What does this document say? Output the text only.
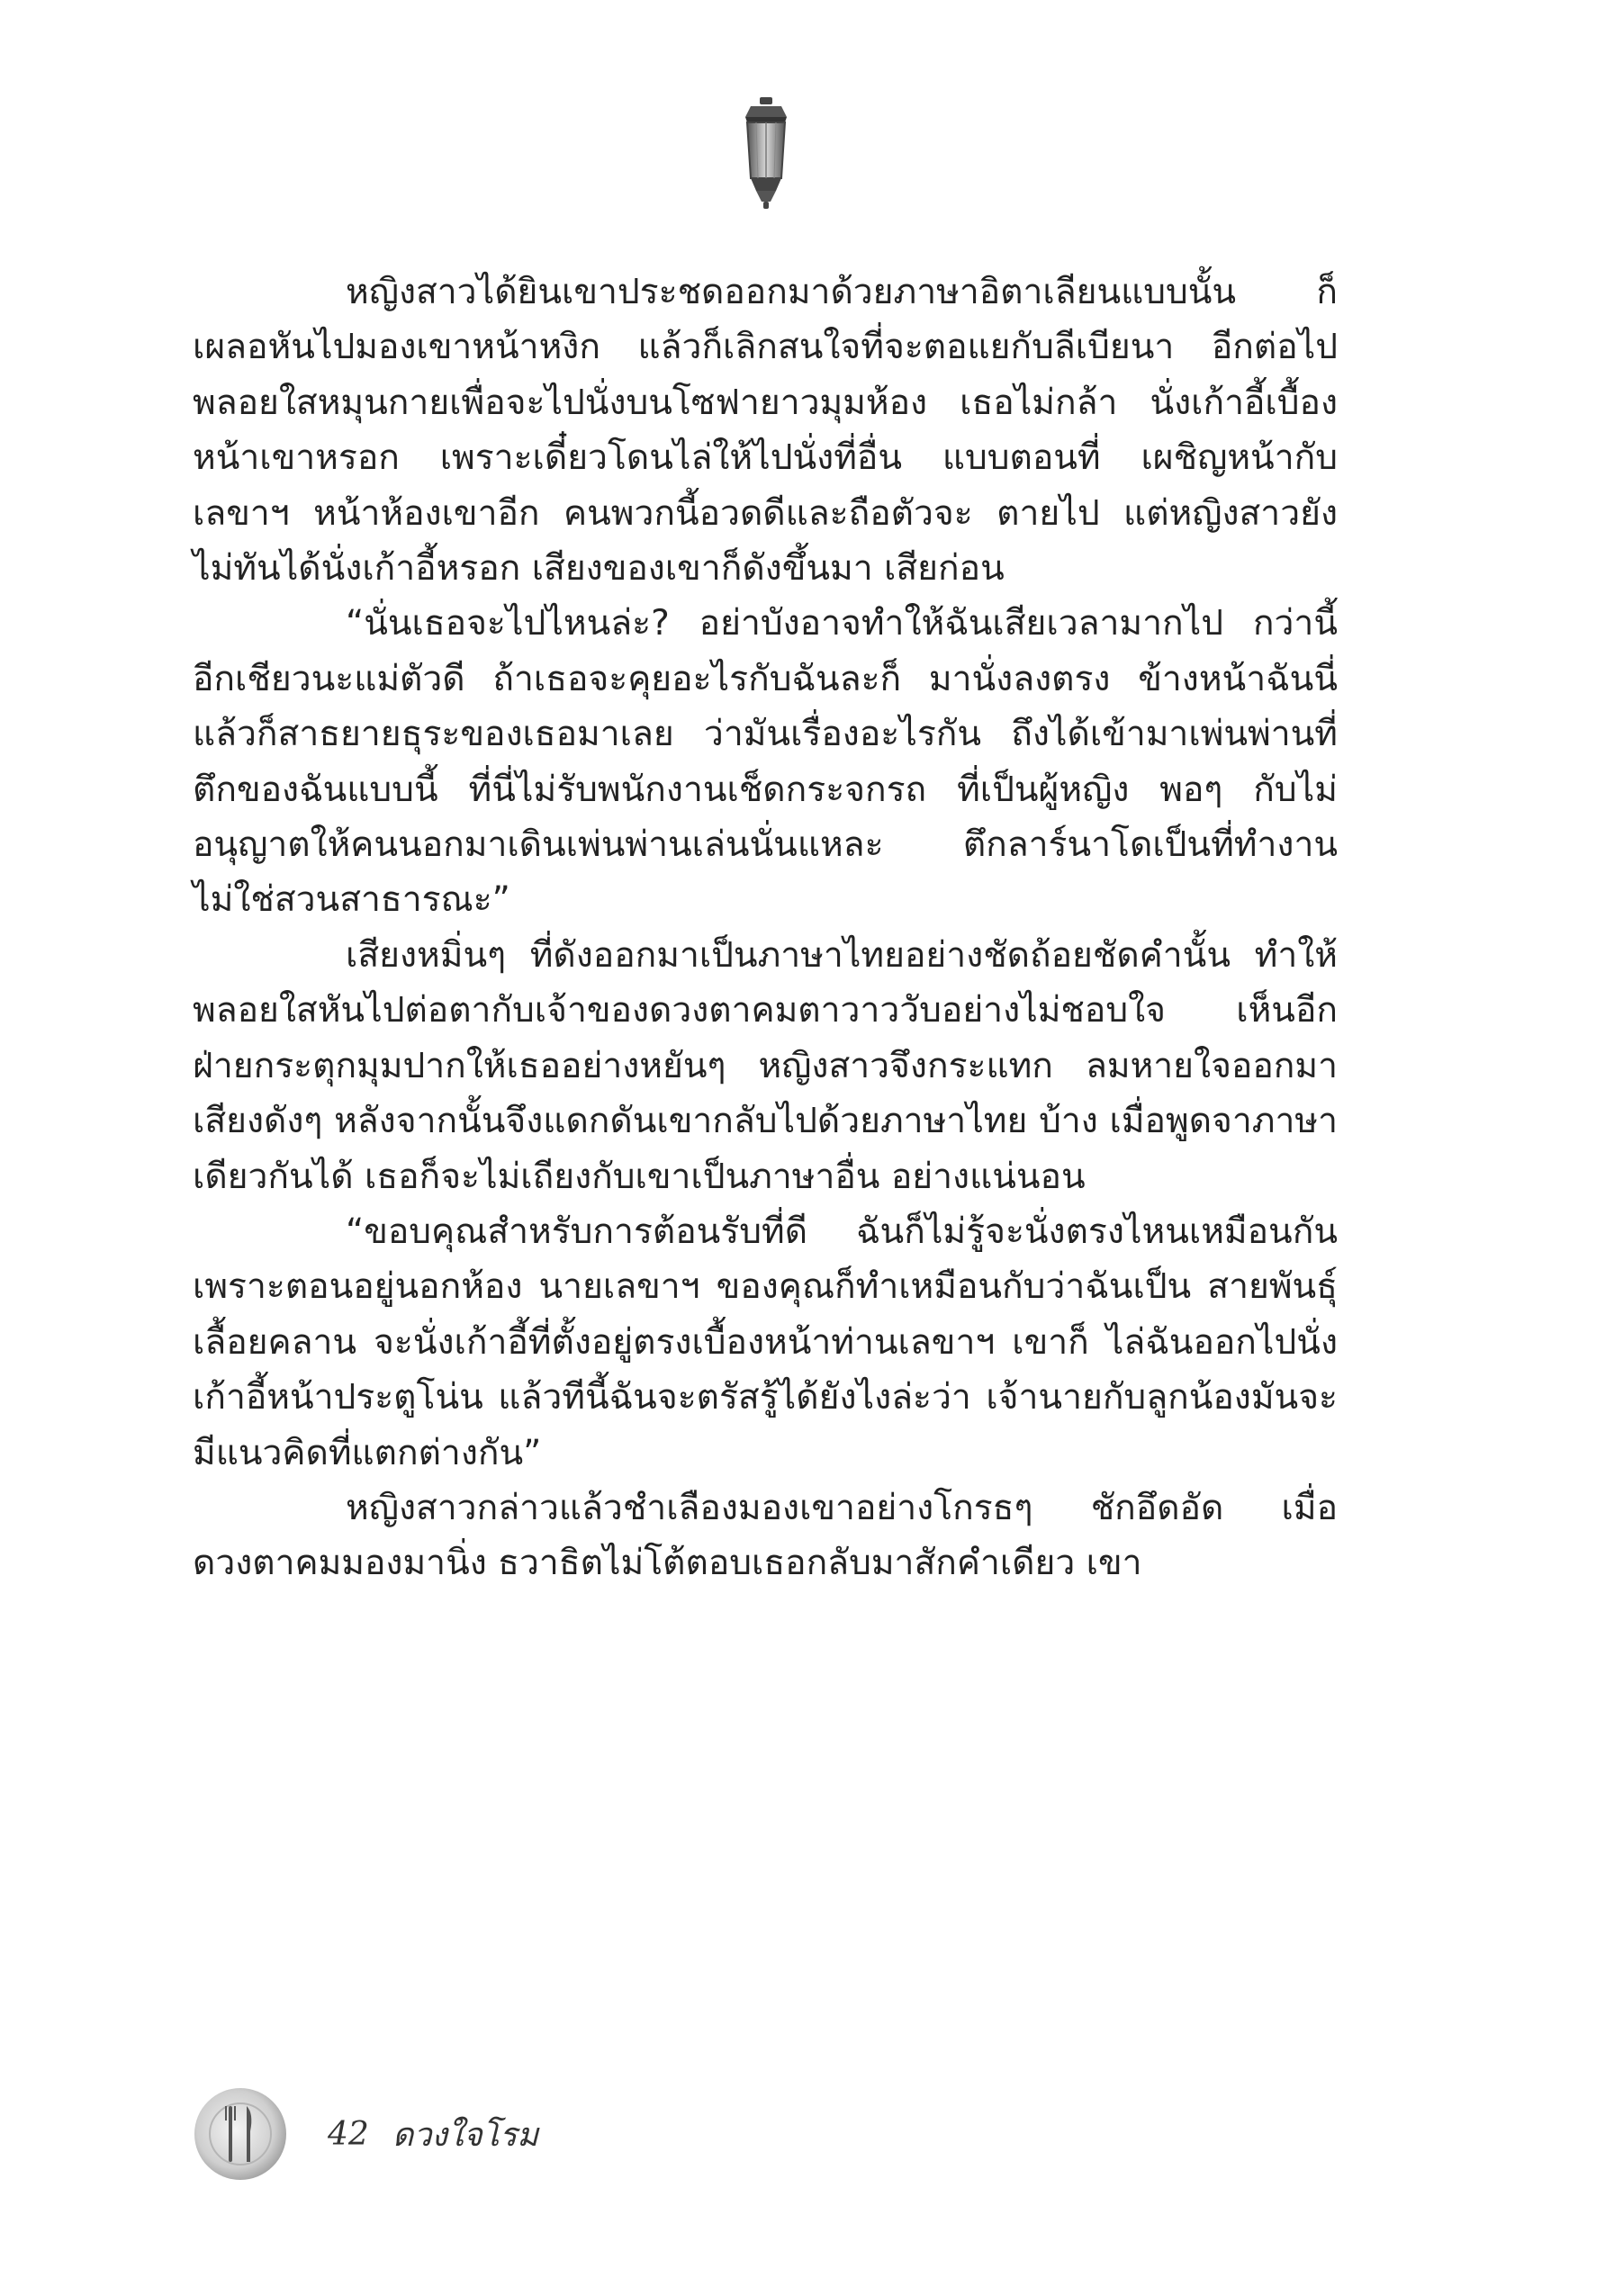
หญิงสาวได้ยินเขาประชดออกมาด้วยภาษาอิตาเลียนแบบนั้น ก็เผลอหันไปมองเขาหน้าหงิก แล้วก็เลิกสนใจที่จะตอแยกับลีเบียนา อีกต่อไป พลอยใสหมุนกายเพื่อจะไปนั่งบนโซฟายาวมุมห้อง เธอไม่กล้า นั่งเก้าอี้เบื้องหน้าเขาหรอก เพราะเดี๋ยวโดนไล่ให้ไปนั่งที่อื่น แบบตอนที่ เผชิญหน้ากับเลขาฯ หน้าห้องเขาอีก คนพวกนี้อวดดีและถือตัวจะ ตายไป แต่หญิงสาวยังไม่ทันได้นั่งเก้าอี้หรอก เสียงของเขาก็ดังขึ้นมา เสียก่อน

“นั่นเธอจะไปไหนล่ะ? อย่าบังอาจทำให้ฉันเสียเวลามากไป กว่านี้อีกเชียวนะแม่ตัวดี ถ้าเธอจะคุยอะไรกับฉันละก็ มานั่งลงตรง ข้างหน้าฉันนี่ แล้วก็สาธยายธุระของเธอมาเลย ว่ามันเรื่องอะไรกัน ถึงได้เข้ามาเพ่นพ่านที่ตึกของฉันแบบนี้ ที่นี่ไม่รับพนักงานเช็ดกระจกรถ ที่เป็นผู้หญิง พอๆ กับไม่อนุญาตให้คนนอกมาเดินเพ่นพ่านเล่นนั่นแหละ ตึกลาร์นาโดเป็นที่ทำงาน ไม่ใช่สวนสาธารณะ”

เสียงหมิ่นๆ ที่ดังออกมาเป็นภาษาไทยอย่างชัดถ้อยชัดคำนั้น ทำให้พลอยใสหันไปต่อตากับเจ้าของดวงตาคมตาวาววับอย่างไม่ชอบใจ เห็นอีกฝ่ายกระตุกมุมปากให้เธออย่างหยันๆ หญิงสาวจึงกระแทก ลมหายใจออกมาเสียงดังๆ หลังจากนั้นจึงแดกดันเขากลับไปด้วยภาษาไทย บ้าง เมื่อพูดจาภาษาเดียวกันได้ เธอก็จะไม่เถียงกับเขาเป็นภาษาอื่น อย่างแน่นอน

“ขอบคุณสำหรับการต้อนรับที่ดี ฉันก็ไม่รู้จะนั่งตรงไหนเหมือนกัน เพราะตอนอยู่นอกห้อง นายเลขาฯ ของคุณก็ทำเหมือนกับว่าฉันเป็น สายพันธุ์เลื้อยคลาน จะนั่งเก้าอี้ที่ตั้งอยู่ตรงเบื้องหน้าท่านเลขาฯ เขาก็ ไล่ฉันออกไปนั่งเก้าอี้หน้าประตูโน่น แล้วทีนี้ฉันจะตรัสรู้ได้ยังไงล่ะว่า เจ้านายกับลูกน้องมันจะมีแนวคิดที่แตกต่างกัน”

หญิงสาวกล่าวแล้วชำเลืองมองเขาอย่างโกรธๆ ชักอึดอัด เมื่อดวงตาคมมองมานิ่ง ธวาธิตไม่โต้ตอบเธอกลับมาสักคำเดียว เขา

42 ดวงใจโรม
